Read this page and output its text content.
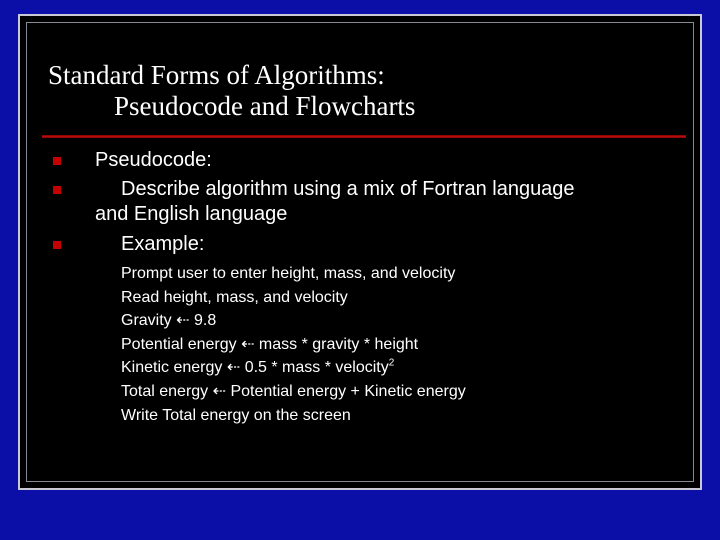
Standard Forms of Algorithms:
Pseudocode and Flowcharts
Pseudocode:
Describe algorithm using a mix of Fortran language
and English language
Example:
Prompt user to enter height, mass, and velocity
Read height, mass, and velocity
Gravity ⇠ 9.8
Potential energy ⇠ mass * gravity * height
Kinetic energy ⇠ 0.5 * mass * velocity$^2$
Total energy ⇠ Potential energy + Kinetic energy
Write Total energy on the screen
